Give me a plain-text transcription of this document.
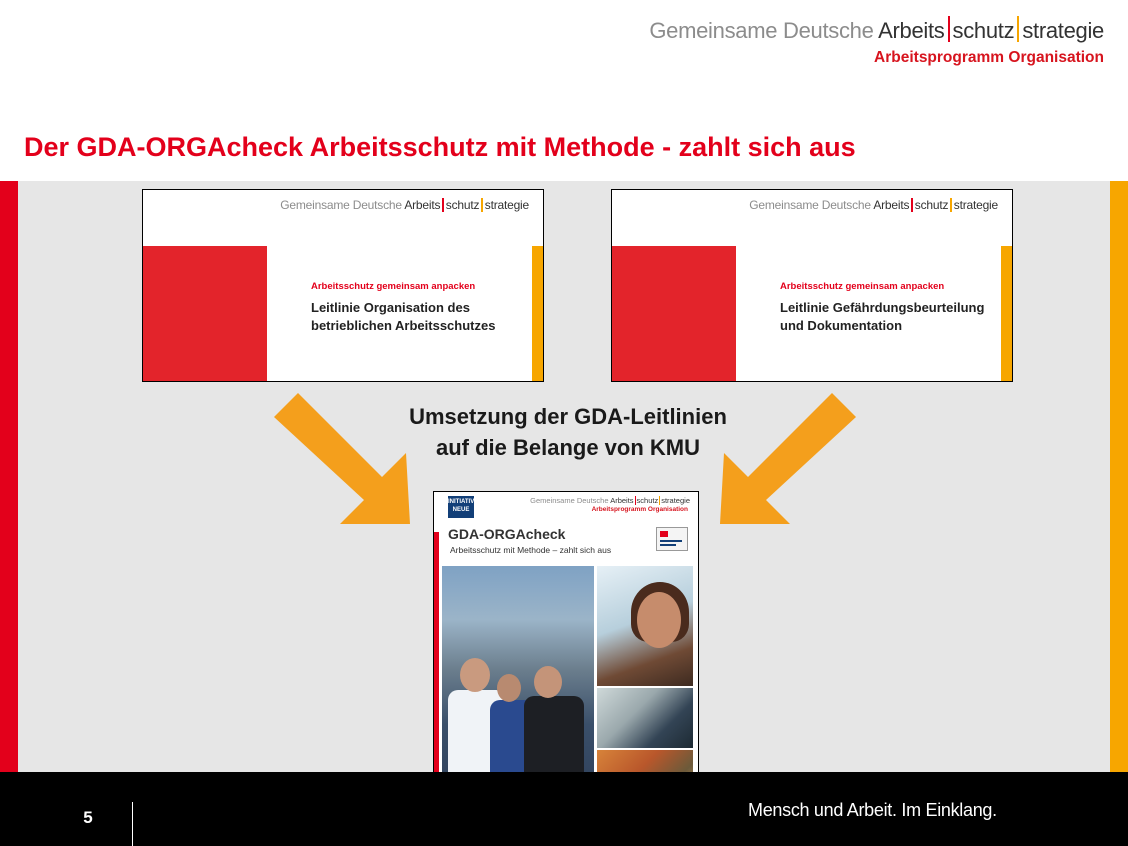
Gemeinsame Deutsche Arbeits schutz strategie
Arbeitsprogramm Organisation
Der GDA-ORGAcheck Arbeitsschutz mit Methode - zahlt sich aus
Gemeinsame Deutsche Arbeits schutz strategie
Arbeitsschutz gemeinsam anpacken
Leitlinie Organisation des
betrieblichen Arbeitsschutzes
Gemeinsame Deutsche Arbeits schutz strategie
Arbeitsschutz gemeinsam anpacken
Leitlinie Gefährdungsbeurteilung
und Dokumentation
Umsetzung der GDA-Leitlinien
auf die Belange von KMU
INITIATIVE
NEUE
Gemeinsame Deutsche Arbeits schutz strategie
Arbeitsprogramm Organisation
GDA-ORGAcheck
Arbeitsschutz mit Methode – zahlt sich aus
5	Mensch und Arbeit. Im Einklang.
